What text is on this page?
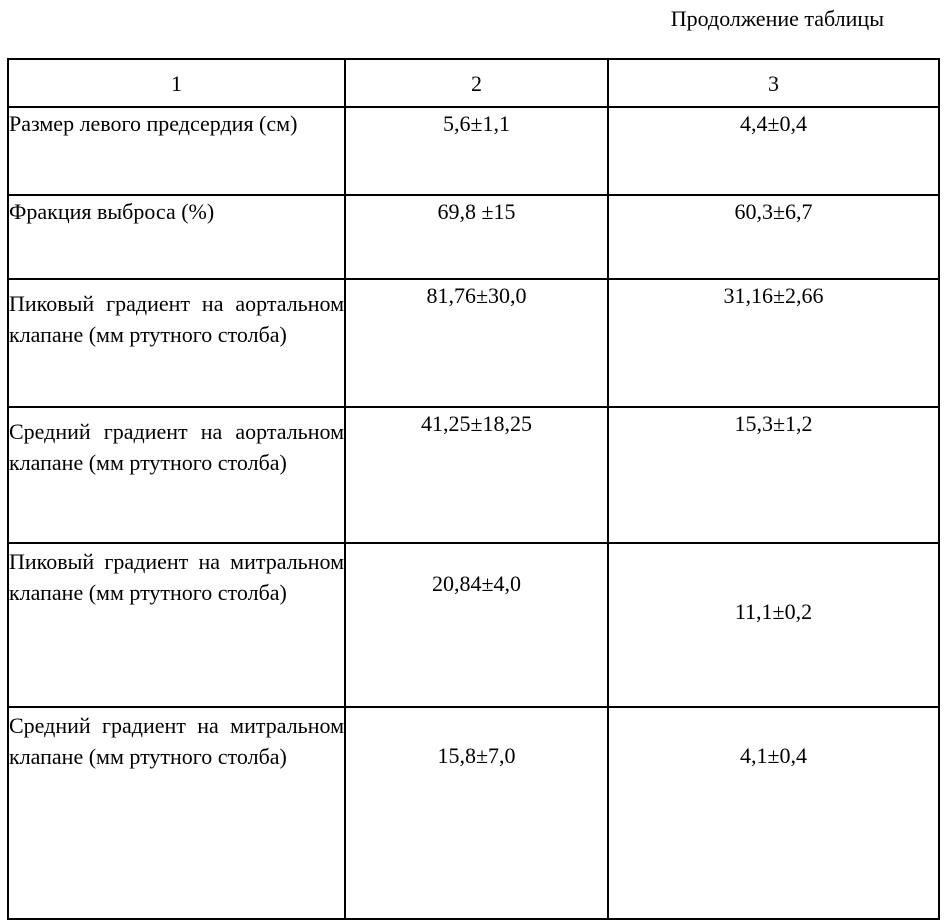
Продолжение таблицы
1	2	3
Размер левого предсердия (см)	5,6±1,1	4,4±0,4
Фракция выброса (%)	69,8 ±15	60,3±6,7
Пиковый градиент на аортальном клапане (мм ртутного столба)	81,76±30,0	31,16±2,66
Средний градиент на аортальном клапане (мм ртутного столба)	41,25±18,25	15,3±1,2
Пиковый градиент на митральном клапане (мм ртутного столба)	20,84±4,0	11,1±0,2
Средний градиент на митральном клапане (мм ртутного столба)	15,8±7,0	4,1±0,4
